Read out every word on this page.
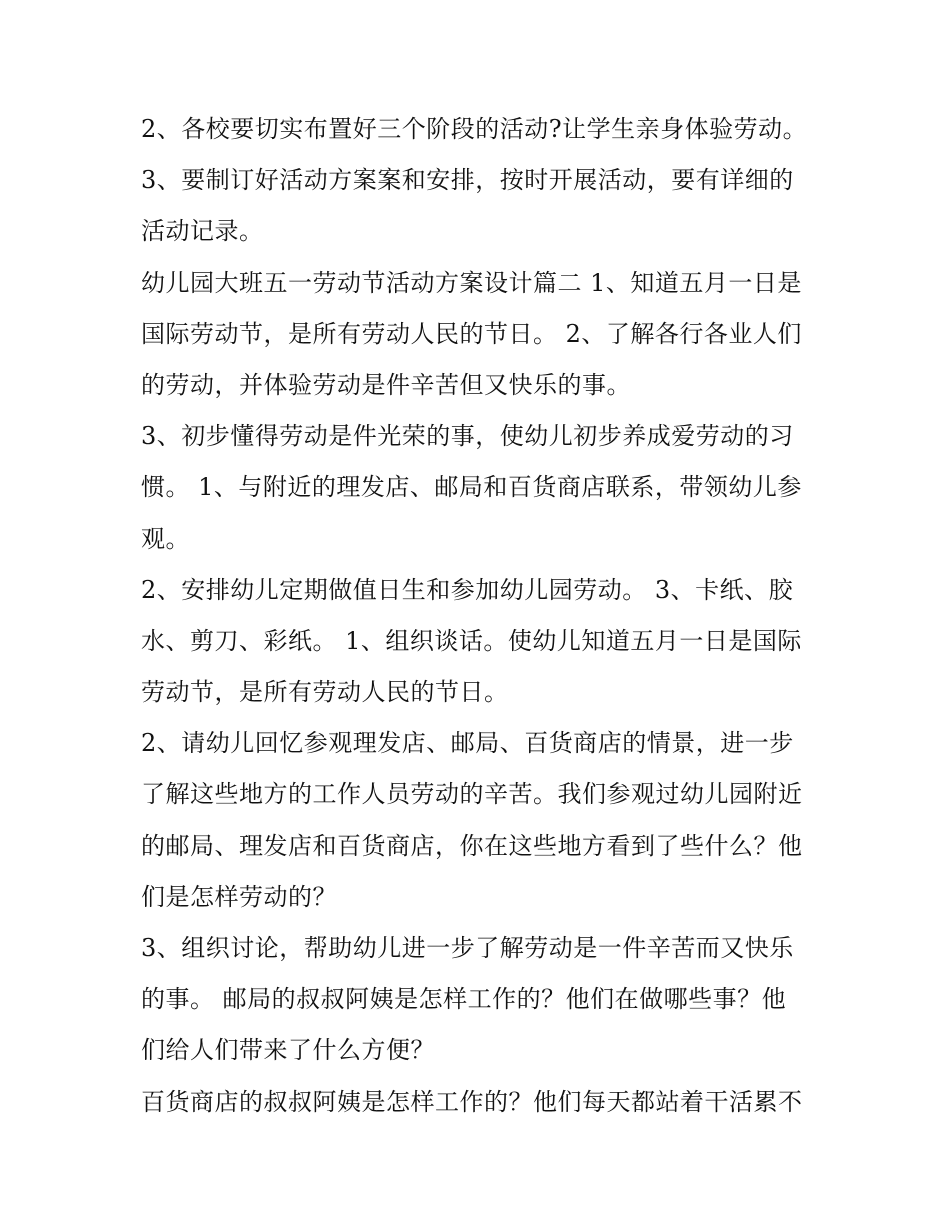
2、各校要切实布置好三个阶段的活动?让学生亲身体验劳动。
3、要制订好活动方案案和安排，按时开展活动，要有详细的
活动记录。
幼儿园大班五一劳动节活动方案设计篇二 1、知道五月一日是
国际劳动节，是所有劳动人民的节日。 2、了解各行各业人们
的劳动，并体验劳动是件辛苦但又快乐的事。
3、初步懂得劳动是件光荣的事，使幼儿初步养成爱劳动的习
惯。 1、与附近的理发店、邮局和百货商店联系，带领幼儿参
观。
2、安排幼儿定期做值日生和参加幼儿园劳动。 3、卡纸、胶
水、剪刀、彩纸。 1、组织谈话。使幼儿知道五月一日是国际
劳动节，是所有劳动人民的节日。
2、请幼儿回忆参观理发店、邮局、百货商店的情景，进一步
了解这些地方的工作人员劳动的辛苦。我们参观过幼儿园附近
的邮局、理发店和百货商店，你在这些地方看到了些什么？他
们是怎样劳动的？
3、组织讨论，帮助幼儿进一步了解劳动是一件辛苦而又快乐
的事。 邮局的叔叔阿姨是怎样工作的？他们在做哪些事？他
们给人们带来了什么方便？
百货商店的叔叔阿姨是怎样工作的？他们每天都站着干活累不
